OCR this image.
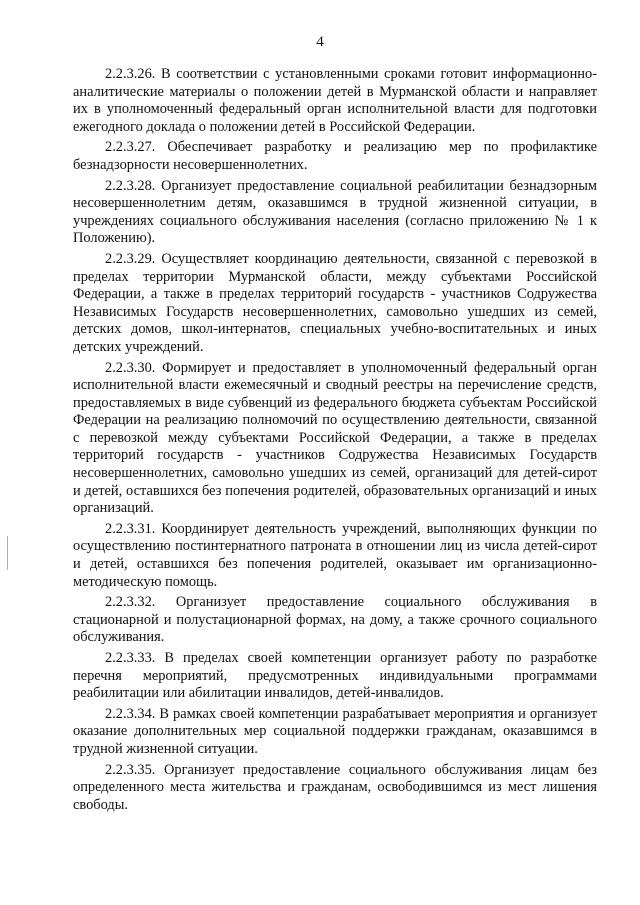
4

2.2.3.26. В соответствии с установленными сроками готовит информационно-аналитические материалы о положении детей в Мурманской области и направляет их в уполномоченный федеральный орган исполнительной власти для подготовки ежегодного доклада о положении детей в Российской Федерации.

2.2.3.27. Обеспечивает разработку и реализацию мер по профилактике безнадзорности несовершеннолетних.

2.2.3.28. Организует предоставление социальной реабилитации безнадзорным несовершеннолетним детям, оказавшимся в трудной жизненной ситуации, в учреждениях социального обслуживания населения (согласно приложению № 1 к Положению).

2.2.3.29. Осуществляет координацию деятельности, связанной с перевозкой в пределах территории Мурманской области, между субъектами Российской Федерации, а также в пределах территорий государств - участников Содружества Независимых Государств несовершеннолетних, самовольно ушедших из семей, детских домов, школ-интернатов, специальных учебно-воспитательных и иных детских учреждений.

2.2.3.30. Формирует и предоставляет в уполномоченный федеральный орган исполнительной власти ежемесячный и сводный реестры на перечисление средств, предоставляемых в виде субвенций из федерального бюджета субъектам Российской Федерации на реализацию полномочий по осуществлению деятельности, связанной с перевозкой между субъектами Российской Федерации, а также в пределах территорий государств - участников Содружества Независимых Государств несовершеннолетних, самовольно ушедших из семей, организаций для детей-сирот и детей, оставшихся без попечения родителей, образовательных организаций и иных организаций.

2.2.3.31. Координирует деятельность учреждений, выполняющих функции по осуществлению постинтернатного патроната в отношении лиц из числа детей-сирот и детей, оставшихся без попечения родителей, оказывает им организационно-методическую помощь.

2.2.3.32. Организует предоставление социального обслуживания в стационарной и полустационарной формах, на дому, а также срочного социального обслуживания.

2.2.3.33. В пределах своей компетенции организует работу по разработке перечня мероприятий, предусмотренных индивидуальными программами реабилитации или абилитации инвалидов, детей-инвалидов.

2.2.3.34. В рамках своей компетенции разрабатывает мероприятия и организует оказание дополнительных мер социальной поддержки гражданам, оказавшимся в трудной жизненной ситуации.

2.2.3.35. Организует предоставление социального обслуживания лицам без определенного места жительства и гражданам, освободившимся из мест лишения свободы.
